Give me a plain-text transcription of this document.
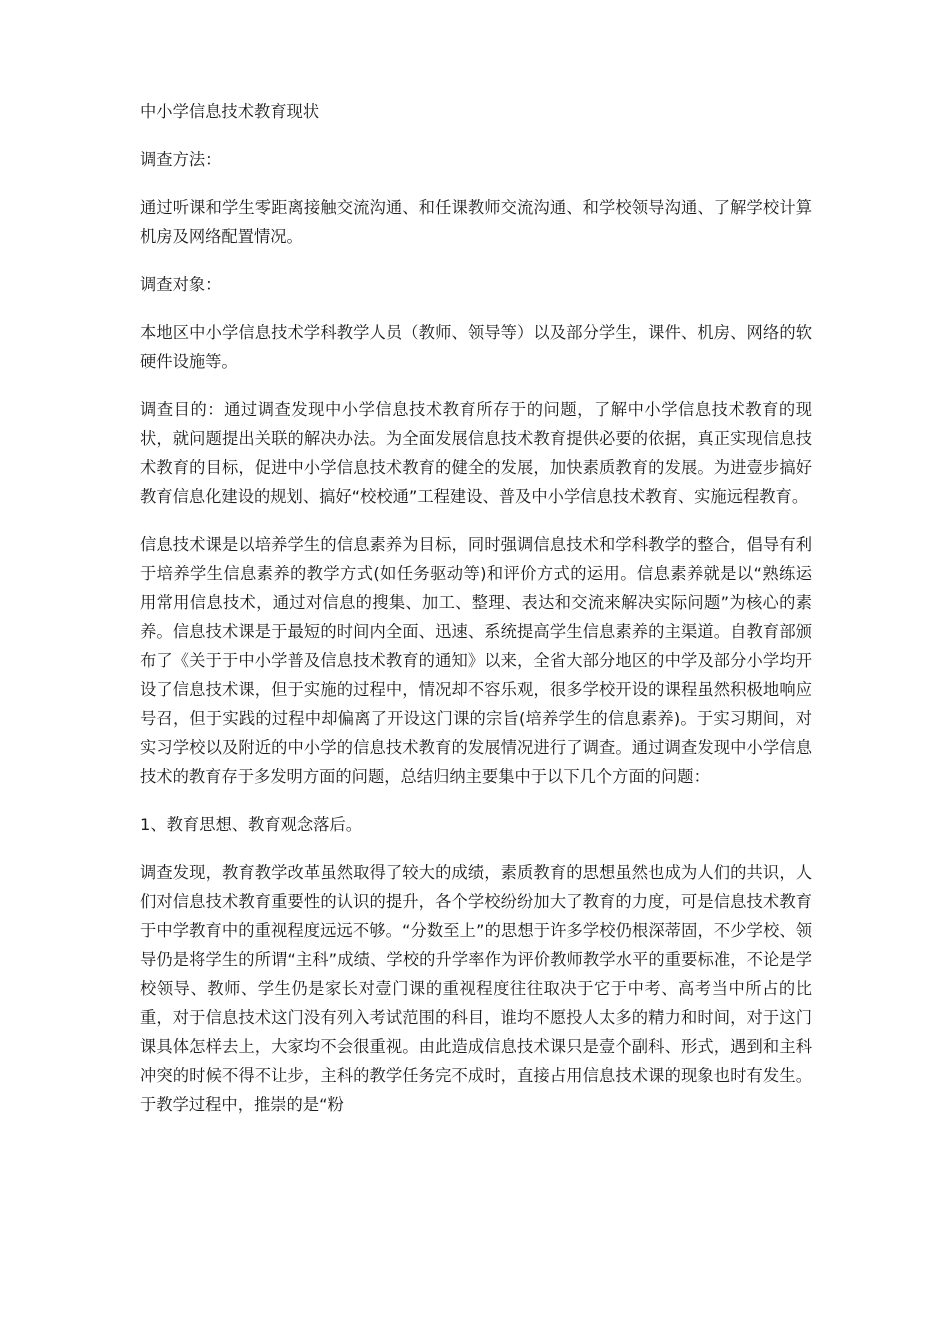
中小学信息技术教育现状

调查方法：

通过听课和学生零距离接触交流沟通、和任课教师交流沟通、和学校领导沟通、了解学校计算机房及网络配置情况。

调查对象：

本地区中小学信息技术学科教学人员（教师、领导等）以及部分学生，课件、机房、网络的软硬件设施等。

调查目的：通过调查发现中小学信息技术教育所存于的问题，了解中小学信息技术教育的现状，就问题提出关联的解决办法。为全面发展信息技术教育提供必要的依据，真正实现信息技术教育的目标，促进中小学信息技术教育的健全的发展，加快素质教育的发展。为进壹步搞好教育信息化建设的规划、搞好“校校通”工程建设、普及中小学信息技术教育、实施远程教育。

信息技术课是以培养学生的信息素养为目标，同时强调信息技术和学科教学的整合，倡导有利于培养学生信息素养的教学方式(如任务驱动等)和评价方式的运用。信息素养就是以“熟练运用常用信息技术，通过对信息的搜集、加工、整理、表达和交流来解决实际问题”为核心的素养。信息技术课是于最短的时间内全面、迅速、系统提高学生信息素养的主渠道。自教育部颁布了《关于于中小学普及信息技术教育的通知》以来，全省大部分地区的中学及部分小学均开设了信息技术课，但于实施的过程中，情况却不容乐观，很多学校开设的课程虽然积极地响应号召，但于实践的过程中却偏离了开设这门课的宗旨(培养学生的信息素养)。于实习期间，对实习学校以及附近的中小学的信息技术教育的发展情况进行了调查。通过调查发现中小学信息技术的教育存于多发明方面的问题，总结归纳主要集中于以下几个方面的问题：

1、教育思想、教育观念落后。

调查发现，教育教学改革虽然取得了较大的成绩，素质教育的思想虽然也成为人们的共识，人们对信息技术教育重要性的认识的提升，各个学校纷纷加大了教育的力度，可是信息技术教育于中学教育中的重视程度远远不够。“分数至上”的思想于许多学校仍根深蒂固，不少学校、领导仍是将学生的所谓“主科”成绩、学校的升学率作为评价教师教学水平的重要标准，不论是学校领导、教师、学生仍是家长对壹门课的重视程度往往取决于它于中考、高考当中所占的比重，对于信息技术这门没有列入考试范围的科目，谁均不愿投人太多的精力和时间，对于这门课具体怎样去上，大家均不会很重视。由此造成信息技术课只是壹个副科、形式，遇到和主科冲突的时候不得不让步，主科的教学任务完不成时，直接占用信息技术课的现象也时有发生。于教学过程中，推崇的是“粉
